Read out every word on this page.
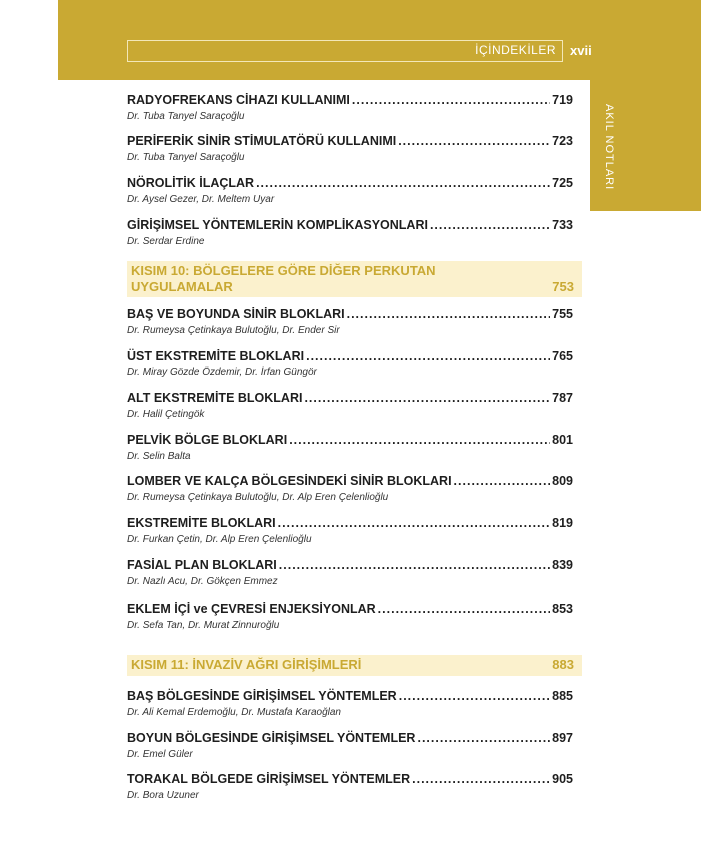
İÇİNDEKİLER xvii
AKIL NOTLARI
RADYOFREKANS CİHAZI KULLANIMI .....	719
Dr. Tuba Tanyel Saraçoğlu
PERİFERİK SİNİR STİMULATÖRÜ KULLANIMI .....	723
Dr. Tuba Tanyel Saraçoğlu
NÖROLİTİK İLAÇLAR .....	725
Dr. Aysel Gezer, Dr. Meltem Uyar
GİRİŞİMSEL YÖNTEMLERİN KOMPLİKASYONLARI .....	733
Dr. Serdar Erdine
KISIM 10: BÖLGELERE GÖRE DİĞER PERKUTAN
UYGULAMALAR	753
BAŞ VE BOYUNDA SİNİR BLOKLARI .....	755
Dr. Rumeysa Çetinkaya Bulutoğlu, Dr. Ender Sir
ÜST EKSTREMİTE BLOKLARI .....	765
Dr. Miray Gözde Özdemir, Dr. İrfan Güngör
ALT EKSTREMİTE BLOKLARI .....	787
Dr. Halil Çetingök
PELVİK BÖLGE BLOKLARI .....	801
Dr. Selin Balta
LOMBER VE KALÇA BÖLGESİNDEKİ SİNİR BLOKLARI .....	809
Dr. Rumeysa Çetinkaya Bulutoğlu, Dr. Alp Eren Çelenlioğlu
EKSTREMİTE BLOKLARI .....	819
Dr. Furkan Çetin, Dr. Alp Eren Çelenlioğlu
FASİAL PLAN BLOKLARI .....	839
Dr. Nazlı Acu, Dr. Gökçen Emmez
EKLEM İÇİ ve ÇEVRESİ ENJEKSİYONLAR .....	853
Dr. Sefa Tan, Dr. Murat Zinnuroğlu
KISIM 11: İNVAZİV AĞRI GİRİŞİMLERİ	883
BAŞ BÖLGESİNDE GİRİŞİMSEL YÖNTEMLER .....	885
Dr. Ali Kemal Erdemoğlu, Dr. Mustafa Karaoğlan
BOYUN BÖLGESİNDE GİRİŞİMSEL YÖNTEMLER .....	897
Dr. Emel Güler
TORAKAL BÖLGEDE GİRİŞİMSEL YÖNTEMLER .....	905
Dr. Bora Uzuner
